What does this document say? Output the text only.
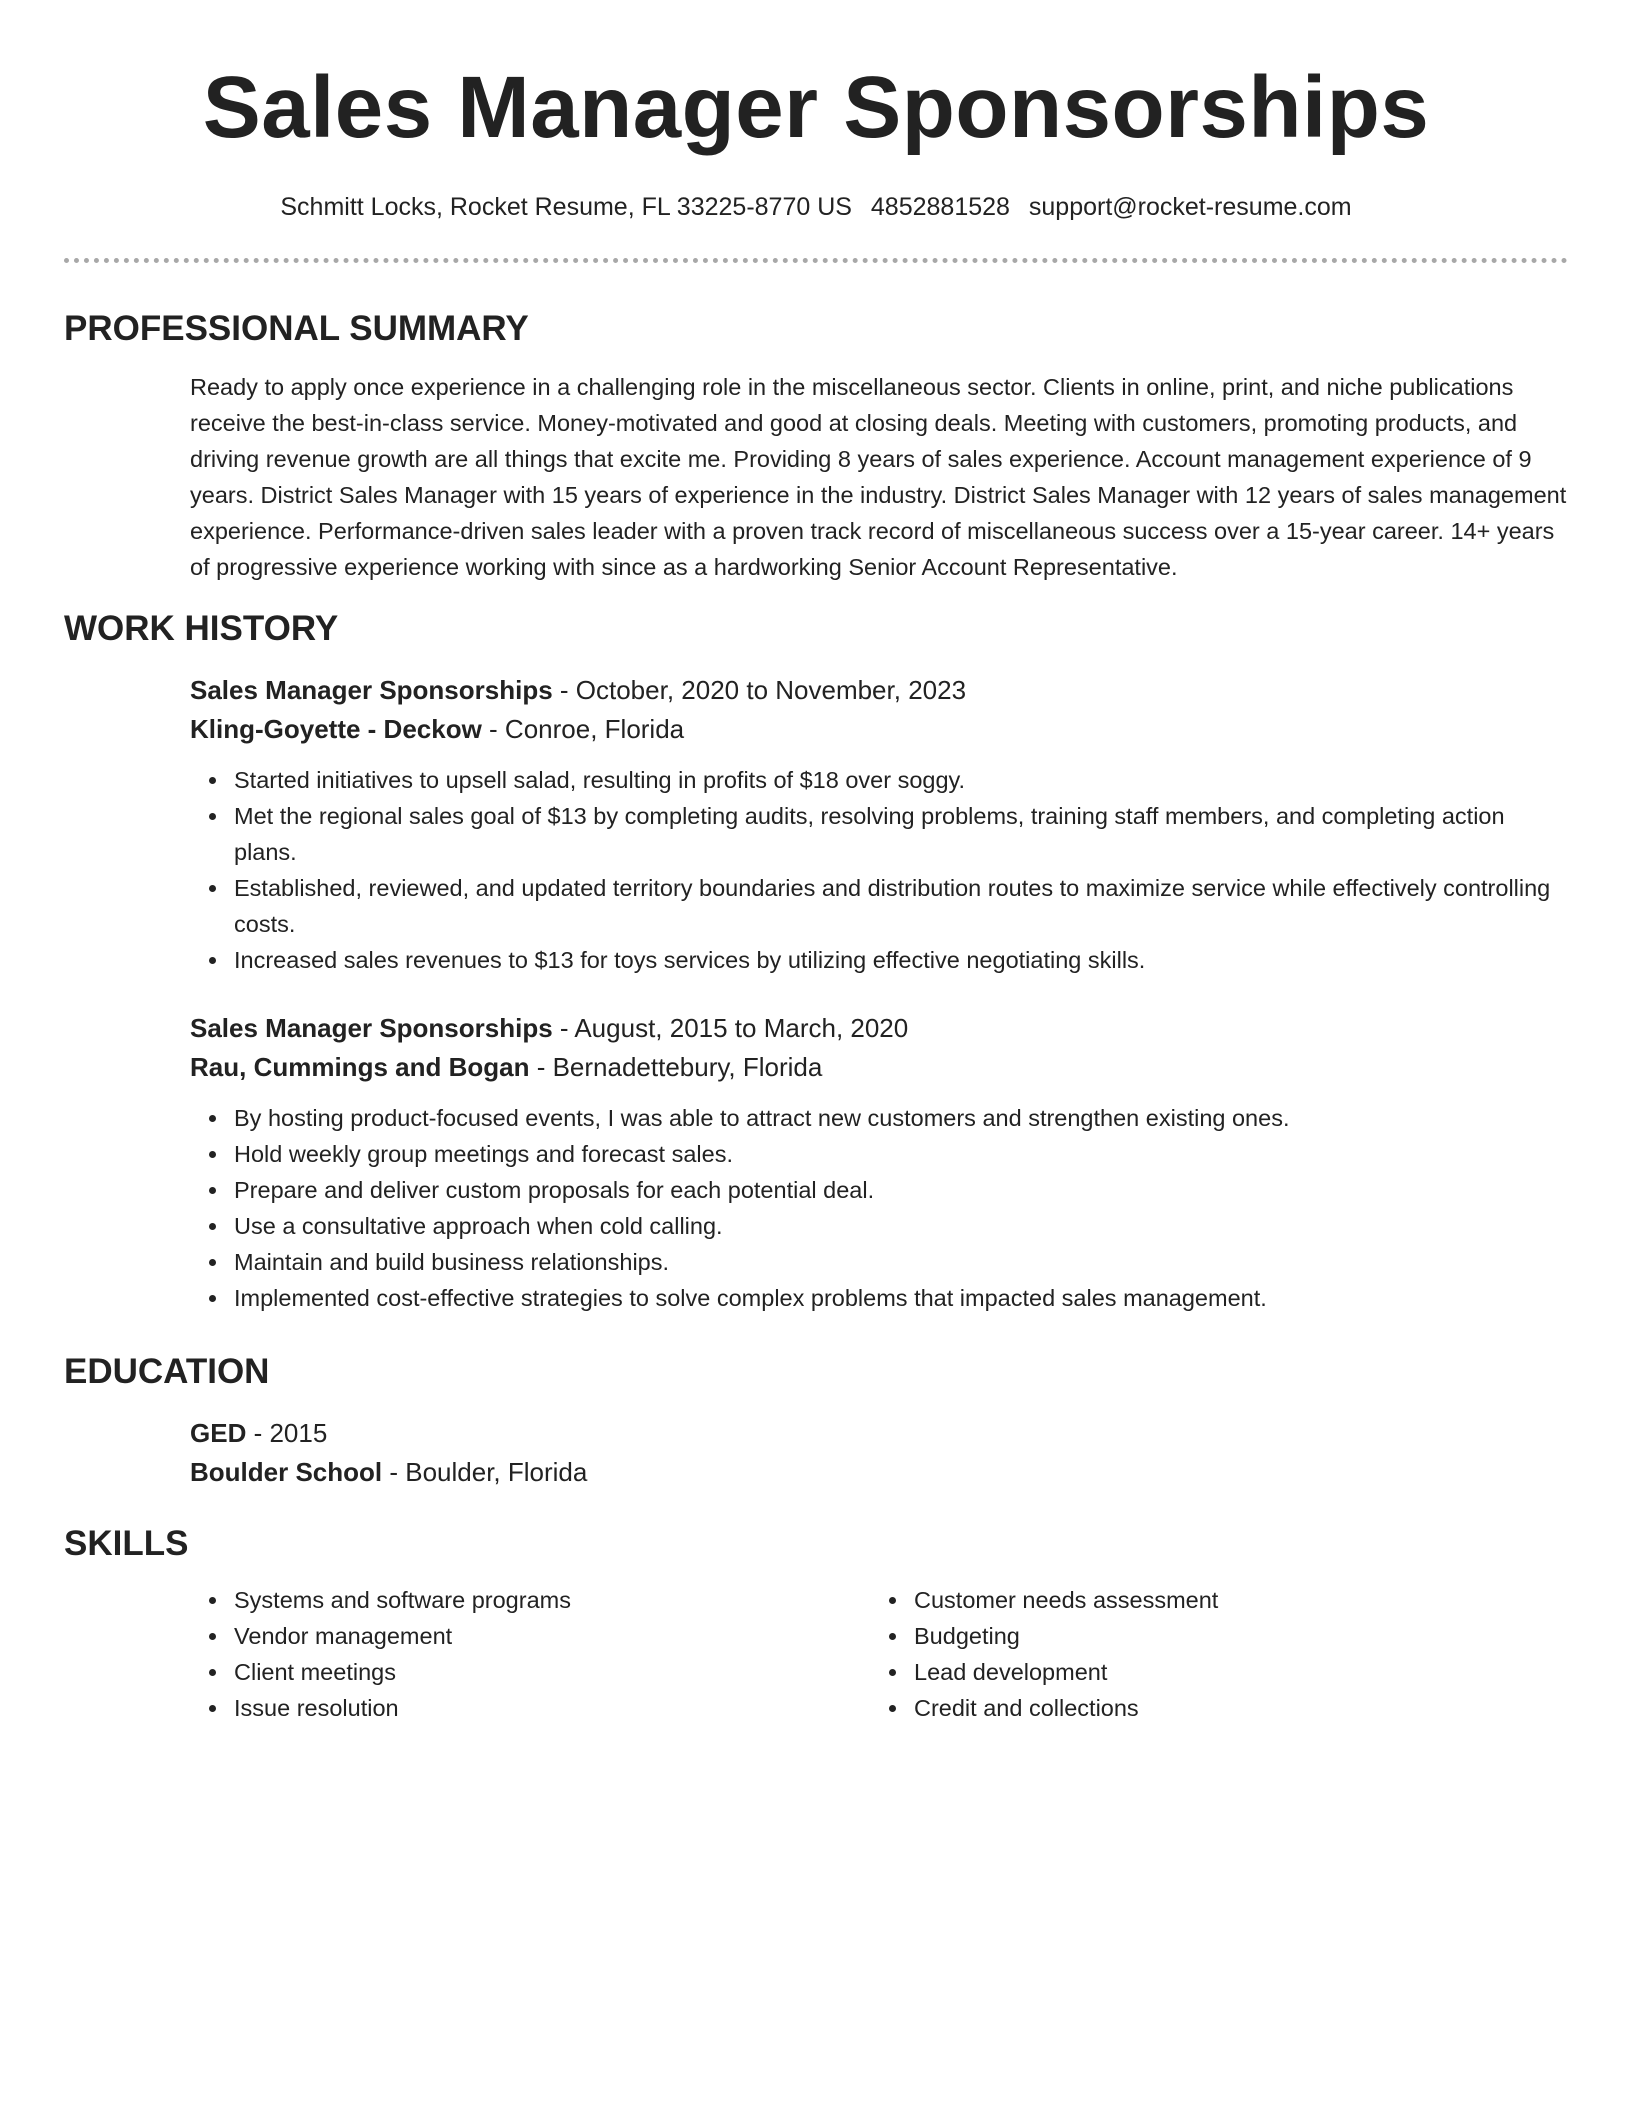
Sales Manager Sponsorships
Schmitt Locks, Rocket Resume, FL 33225-8770 US 4852881528 support@rocket-resume.com
PROFESSIONAL SUMMARY

Ready to apply once experience in a challenging role in the miscellaneous sector. Clients in online, print, and niche publications receive the best-in-class service. Money-motivated and good at closing deals. Meeting with customers, promoting products, and driving revenue growth are all things that excite me. Providing 8 years of sales experience. Account management experience of 9 years. District Sales Manager with 15 years of experience in the industry. District Sales Manager with 12 years of sales management experience. Performance-driven sales leader with a proven track record of miscellaneous success over a 15-year career. 14+ years of progressive experience working with since as a hardworking Senior Account Representative.

WORK HISTORY
Sales Manager Sponsorships - October, 2020 to November, 2023
Kling-Goyette - Deckow - Conroe, Florida
Started initiatives to upsell salad, resulting in profits of $18 over soggy.
Met the regional sales goal of $13 by completing audits, resolving problems, training staff members, and completing action plans.
Established, reviewed, and updated territory boundaries and distribution routes to maximize service while effectively controlling costs.
Increased sales revenues to $13 for toys services by utilizing effective negotiating skills.
Sales Manager Sponsorships - August, 2015 to March, 2020
Rau, Cummings and Bogan - Bernadettebury, Florida
By hosting product-focused events, I was able to attract new customers and strengthen existing ones.
Hold weekly group meetings and forecast sales.
Prepare and deliver custom proposals for each potential deal.
Use a consultative approach when cold calling.
Maintain and build business relationships.
Implemented cost-effective strategies to solve complex problems that impacted sales management.
EDUCATION
GED - 2015
Boulder School - Boulder, Florida
SKILLS
Systems and software programs
Vendor management
Client meetings
Issue resolution
Customer needs assessment
Budgeting
Lead development
Credit and collections
